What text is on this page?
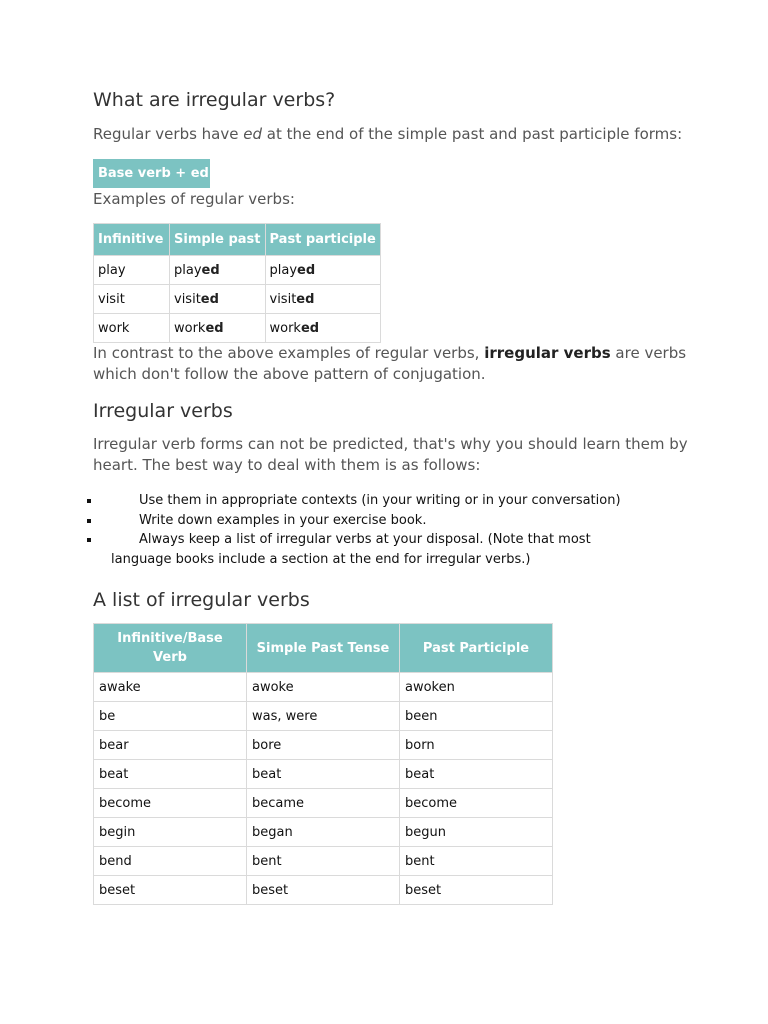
What are irregular verbs?

Regular verbs have ed at the end of the simple past and past participle forms:

Base verb + ed

Examples of regular verbs:

Infinitive	Simple past	Past participle
play	played	played
visit	visited	visited
work	worked	worked

In contrast to the above examples of regular verbs, irregular verbs are verbs which don't follow the above pattern of conjugation.

Irregular verbs

Irregular verb forms can not be predicted, that's why you should learn them by heart. The best way to deal with them is as follows:

Use them in appropriate contexts (in your writing or in your conversation)
Write down examples in your exercise book.
Always keep a list of irregular verbs at your disposal. (Note that most language books include a section at the end for irregular verbs.)
A list of irregular verbs
Infinitive/Base Verb	Simple Past Tense	Past Participle
awake	awoke	awoken
be	was, were	been
bear	bore	born
beat	beat	beat
become	became	become
begin	began	begun
bend	bent	bent
beset	beset	beset
